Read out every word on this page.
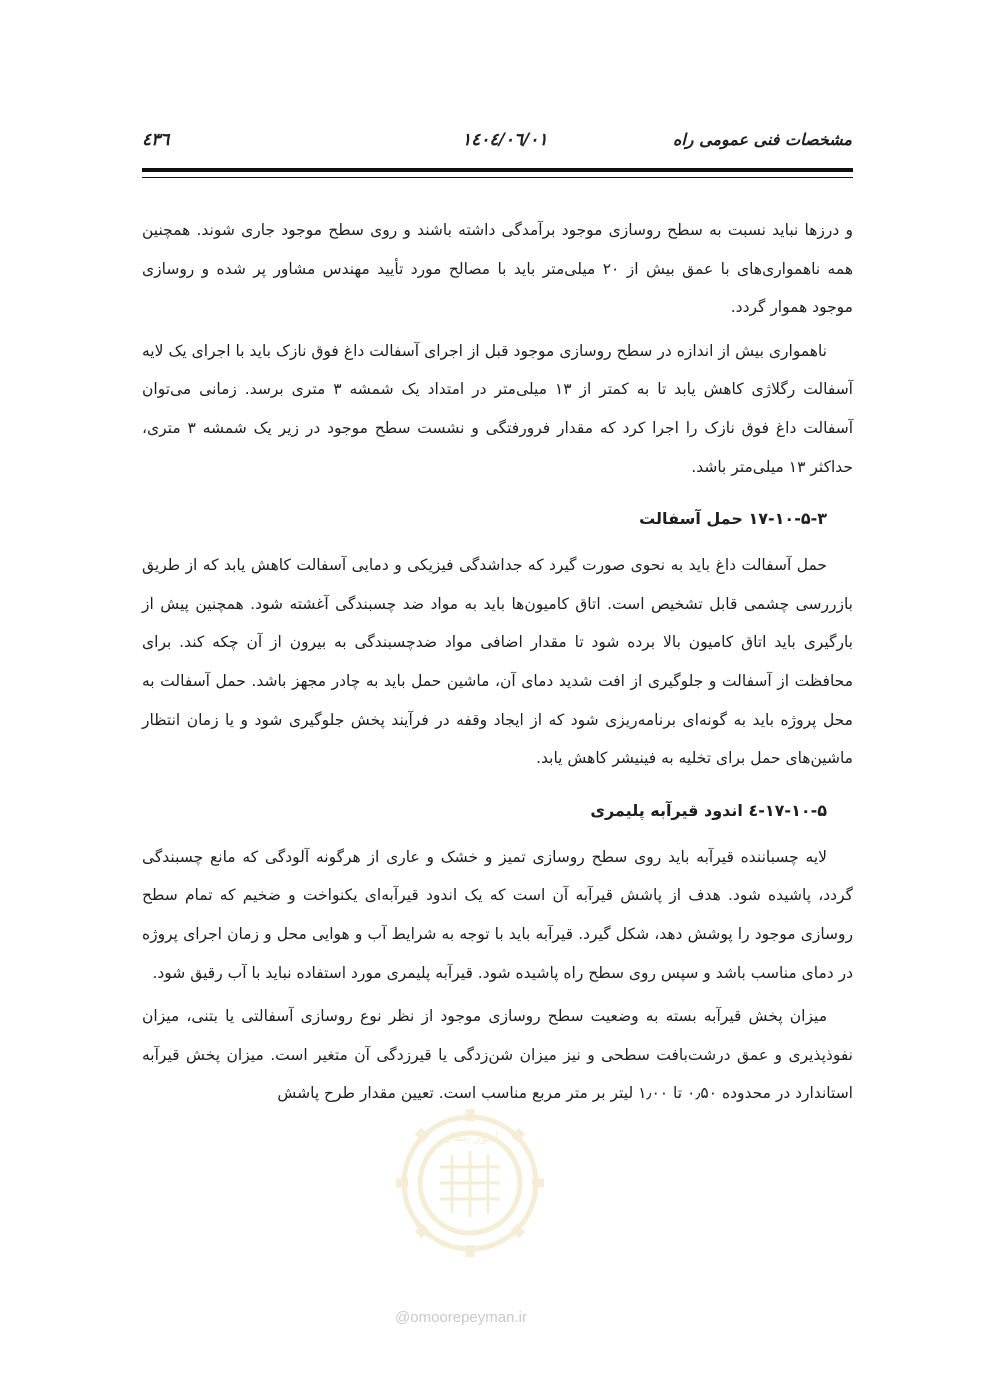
٤٣٦	١٤٠٤/٠٦/٠١	مشخصات فنی عمومی راه

و درزها نباید نسبت به سطح روسازی موجود برآمدگی داشته باشند و روی سطح موجود جاری شوند. همچنین همه ناهمواری‌های با عمق بیش از ۲۰ میلی‌متر باید با مصالح مورد تأیید مهندس مشاور پر شده و روسازی موجود هموار گردد.

ناهمواری بیش از اندازه در سطح روسازی موجود قبل از اجرای آسفالت داغ فوق نازک باید با اجرای یک لایه آسفالت رگلاژی کاهش یابد تا به کمتر از ۱۳ میلی‌متر در امتداد یک شمشه ۳ متری برسد. زمانی می‌توان آسفالت داغ فوق نازک را اجرا کرد که مقدار فرورفتگی و نشست سطح موجود در زیر یک شمشه ۳ متری، حداکثر ۱۳ میلی‌متر باشد.

۱۷-۱۰-۵-۳ حمل آسفالت

حمل آسفالت داغ باید به نحوی صورت گیرد که جداشدگی فیزیکی و دمایی آسفالت کاهش یابد که از طریق بازررسی چشمی قابل تشخیص است. اتاق کامیون‌ها باید به مواد ضد چسبندگی آغشته شود. همچنین پیش از بارگیری باید اتاق کامیون بالا برده شود تا مقدار اضافی مواد ضدچسبندگی به بیرون از آن چکه کند. برای محافظت از آسفالت و جلوگیری از افت شدید دمای آن، ماشین حمل باید به چادر مجهز باشد. حمل آسفالت به محل پروژه باید به گونه‌ای برنامه‌ریزی شود که از ایجاد وقفه در فرآیند پخش جلوگیری شود و یا زمان انتظار ماشین‌های حمل برای تخلیه به فینیشر کاهش یابد.

۱۷-۱۰-۵-٤ اندود قیرآبه پلیمری

لایه چسباننده قیرآبه باید روی سطح روسازی تمیز و خشک و عاری از هرگونه آلودگی که مانع چسبندگی گردد، پاشیده شود. هدف از پاشش قیرآبه آن است که یک اندود قیرآبه‌ای یکنواخت و ضخیم که تمام سطح روسازی موجود را پوشش دهد، شکل گیرد. قیرآبه باید با توجه به شرایط آب و هوایی محل و زمان اجرای پروژه در دمای مناسب باشد و سپس روی سطح راه پاشیده شود. قیرآبه پلیمری مورد استفاده نباید با آب رقیق شود.

میزان پخش قیرآبه بسته به وضعیت سطح روسازی موجود از نظر نوع روسازی آسفالتی یا بتنی، میزان نفوذپذیری و عمق درشت‌بافت سطحی و نیز میزان شن‌زدگی یا قیرزدگی آن متغیر است. میزان پخش قیرآبه استاندارد در محدوده ۰٫۵۰ تا ۱٫۰۰ لیتر بر متر مربع مناسب است. تعیین مقدار طرح پاشش

امور پیمان
@omoorepeyman.ir
